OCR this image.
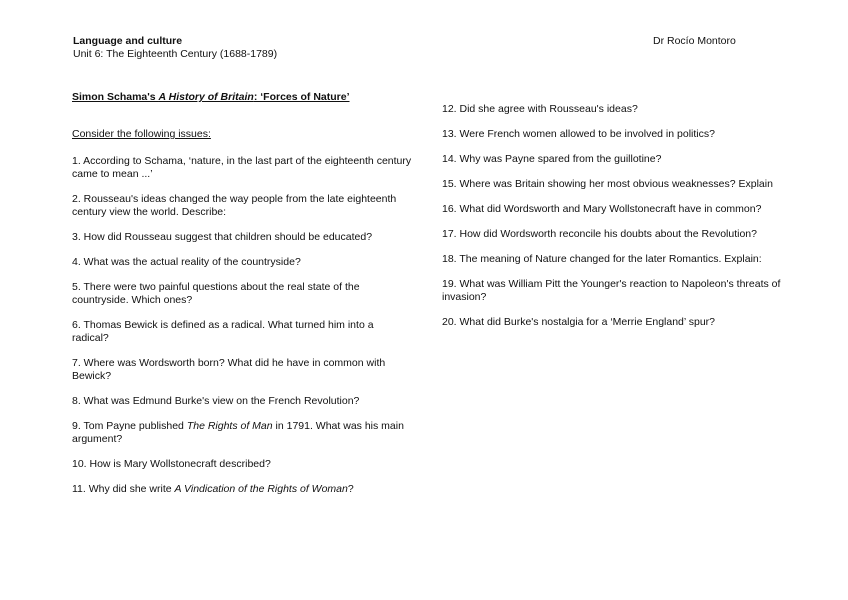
Language and culture
Unit 6: The Eighteenth Century (1688-1789)
Dr Rocío Montoro

Simon Schama's A History of Britain: ‘Forces of Nature’

Consider the following issues:

1. According to Schama, ‘nature, in the last part of the eighteenth century came to mean ...’

2. Rousseau's ideas changed the way people from the late eighteenth century view the world. Describe:

3. How did Rousseau suggest that children should be educated?

4. What was the actual reality of the countryside?

5. There were two painful questions about the real state of the countryside. Which ones?

6. Thomas Bewick is defined as a radical. What turned him into a radical?

7. Where was Wordsworth born? What did he have in common with Bewick?

8. What was Edmund Burke's view on the French Revolution?

9. Tom Payne published The Rights of Man in 1791. What was his main argument?

10. How is Mary Wollstonecraft described?

11. Why did she write A Vindication of the Rights of Woman?

12. Did she agree with Rousseau's ideas?

13. Were French women allowed to be involved in politics?

14. Why was Payne spared from the guillotine?

15. Where was Britain showing her most obvious weaknesses? Explain

16. What did Wordsworth and Mary Wollstonecraft have in common?

17. How did Wordsworth reconcile his doubts about the Revolution?

18. The meaning of Nature changed for the later Romantics. Explain:

19. What was William Pitt the Younger's reaction to Napoleon's threats of invasion?

20. What did Burke's nostalgia for a ‘Merrie England’ spur?
